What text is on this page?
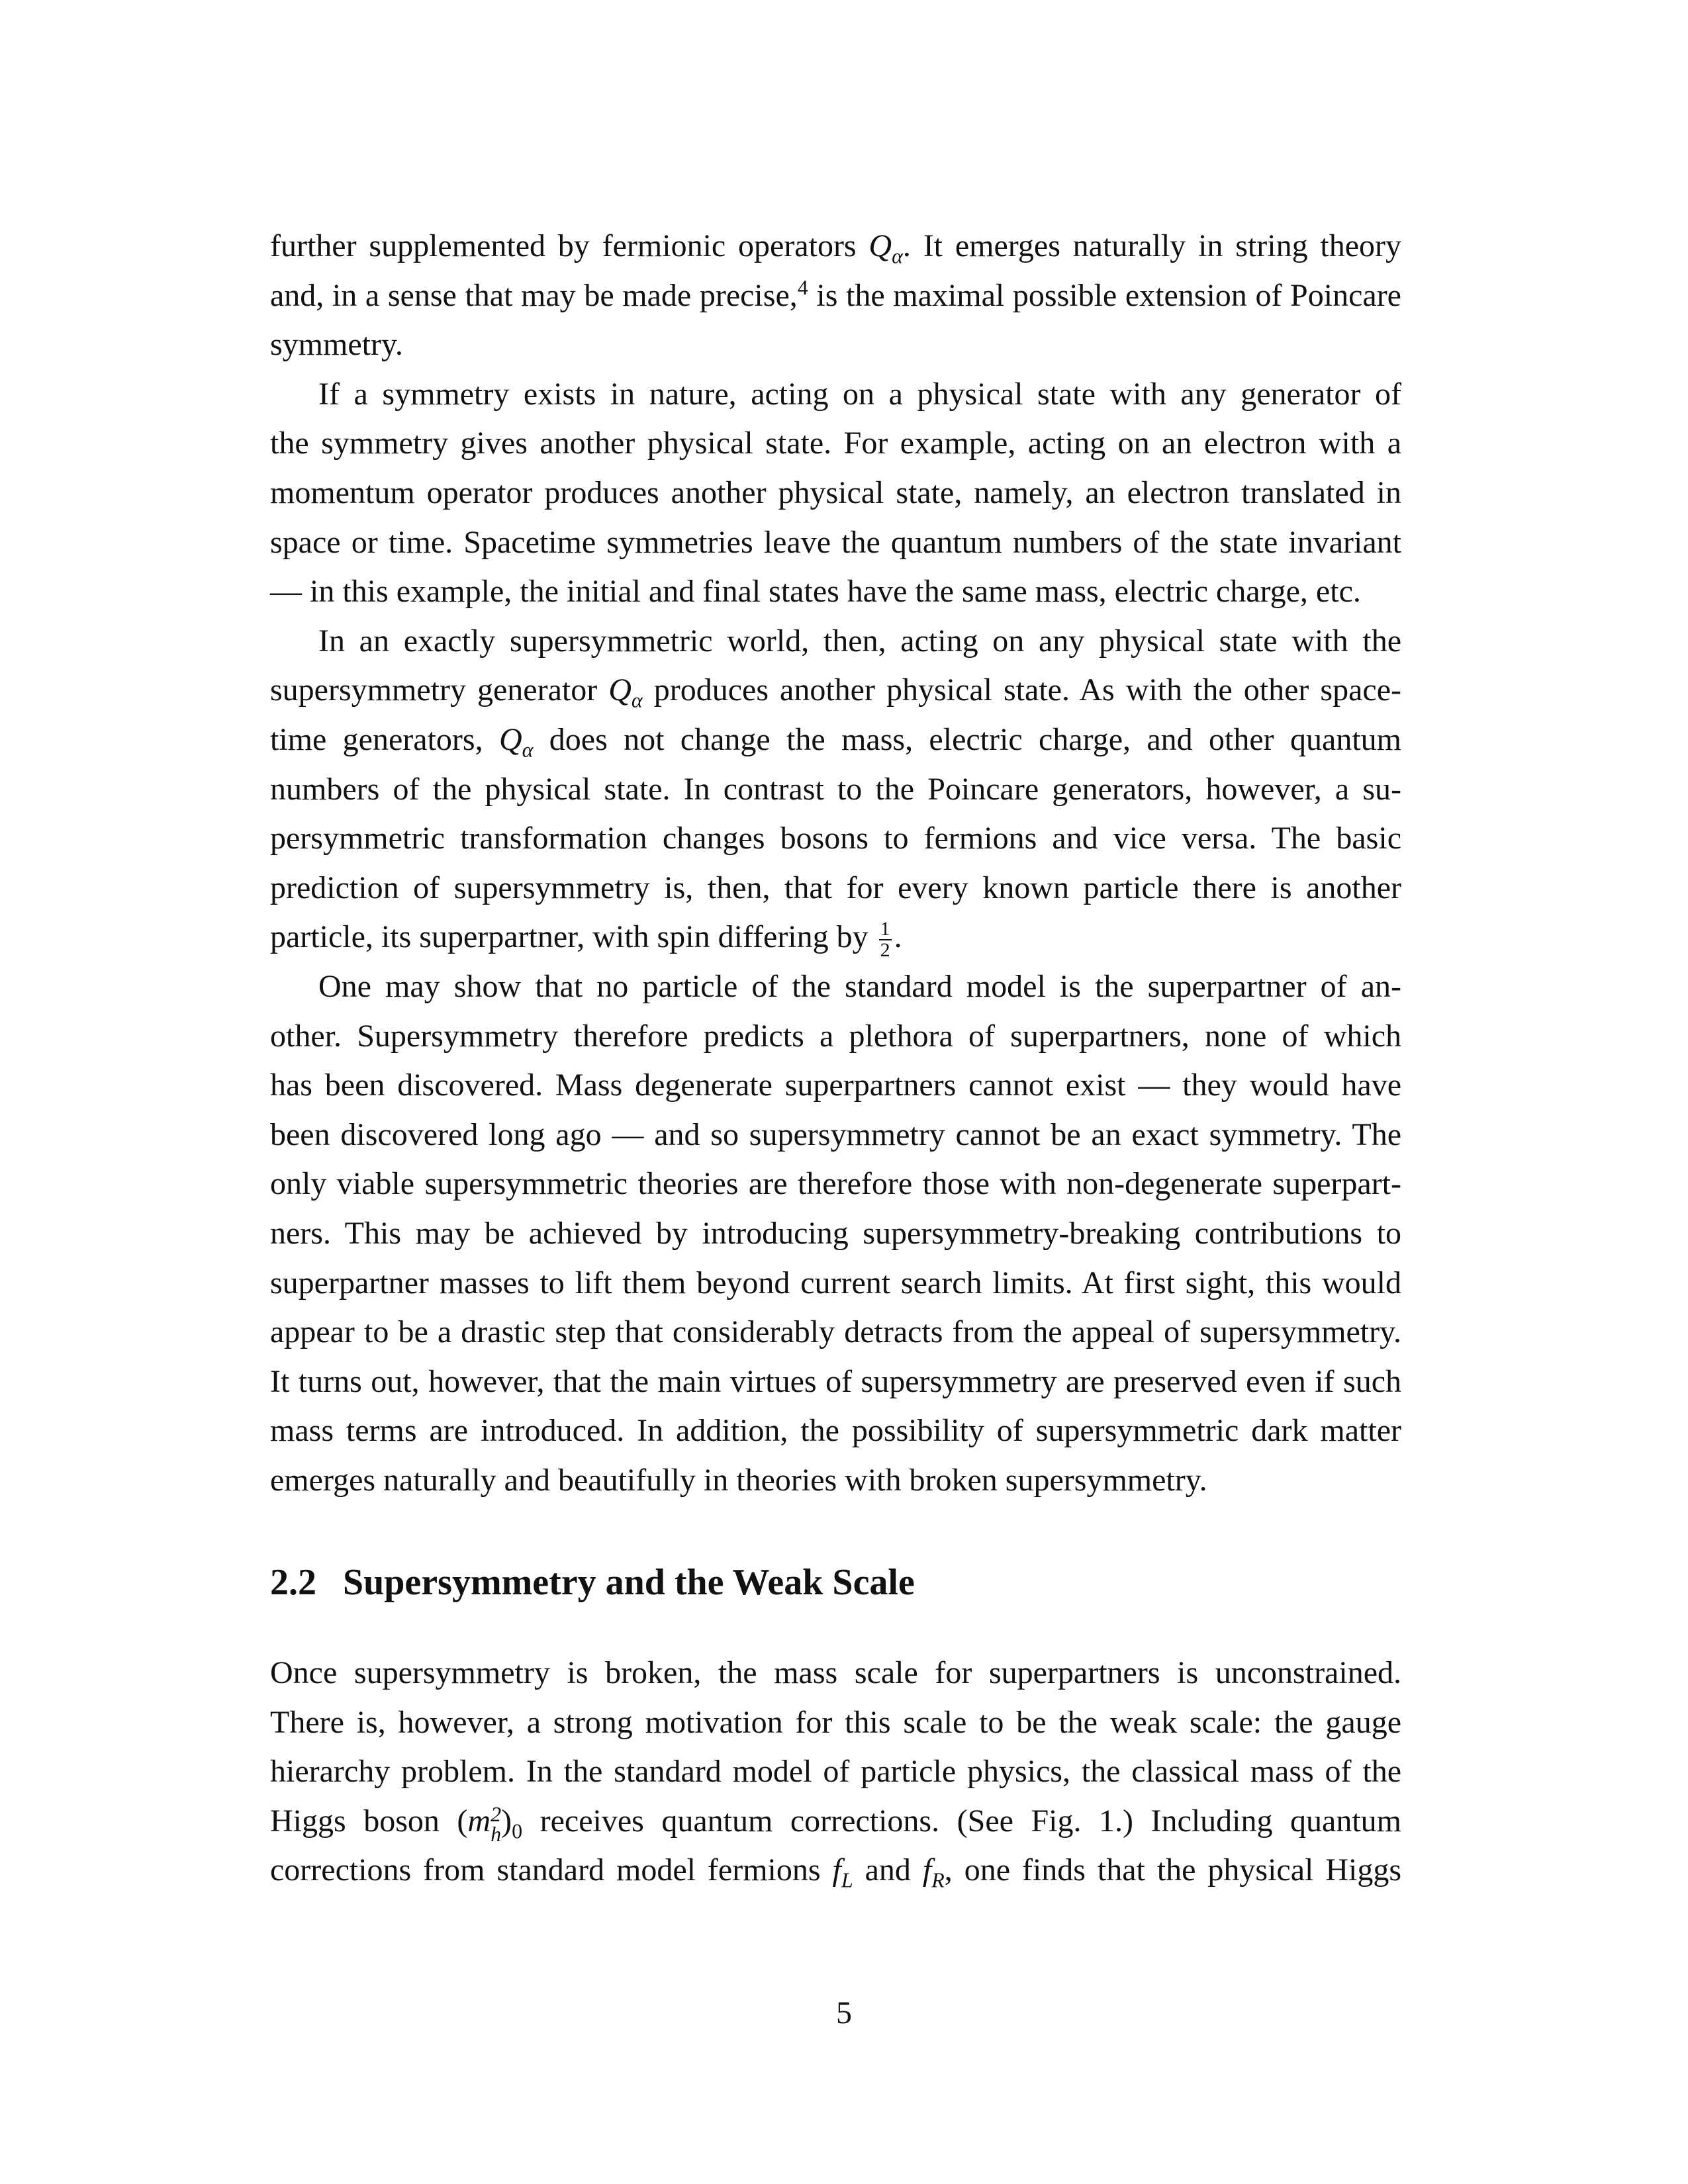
further supplemented by fermionic operators $Q_\alpha$. It emerges naturally in string theory
and, in a sense that may be made precise,$^4$ is the maximal possible extension of Poincare
symmetry.
If a symmetry exists in nature, acting on a physical state with any generator of
the symmetry gives another physical state. For example, acting on an electron with a
momentum operator produces another physical state, namely, an electron translated in
space or time. Spacetime symmetries leave the quantum numbers of the state invariant
— in this example, the initial and final states have the same mass, electric charge, etc.
In an exactly supersymmetric world, then, acting on any physical state with the
supersymmetry generator $Q_\alpha$ produces another physical state. As with the other space-
time generators, $Q_\alpha$ does not change the mass, electric charge, and other quantum
numbers of the physical state. In contrast to the Poincare generators, however, a su-
persymmetric transformation changes bosons to fermions and vice versa. The basic
prediction of supersymmetry is, then, that for every known particle there is another
particle, its superpartner, with spin differing by $\frac{1}{2}$ .
One may show that no particle of the standard model is the superpartner of an-
other. Supersymmetry therefore predicts a plethora of superpartners, none of which
has been discovered. Mass degenerate superpartners cannot exist — they would have
been discovered long ago — and so supersymmetry cannot be an exact symmetry. The
only viable supersymmetric theories are therefore those with non-degenerate superpart-
ners. This may be achieved by introducing supersymmetry-breaking contributions to
superpartner masses to lift them beyond current search limits. At first sight, this would
appear to be a drastic step that considerably detracts from the appeal of supersymmetry.
It turns out, however, that the main virtues of supersymmetry are preserved even if such
mass terms are introduced. In addition, the possibility of supersymmetric dark matter
emerges naturally and beautifully in theories with broken supersymmetry.
2.2 Supersymmetry and the Weak Scale
Once supersymmetry is broken, the mass scale for superpartners is unconstrained.
There is, however, a strong motivation for this scale to be the weak scale: the gauge
hierarchy problem. In the standard model of particle physics, the classical mass of the
Higgs boson (m 2
h )$_0$ receives quantum corrections. (See Fig. 1.) Including quantum
corrections from standard model fermions $f_L$ and $f_R$, one finds that the physical Higgs
5
